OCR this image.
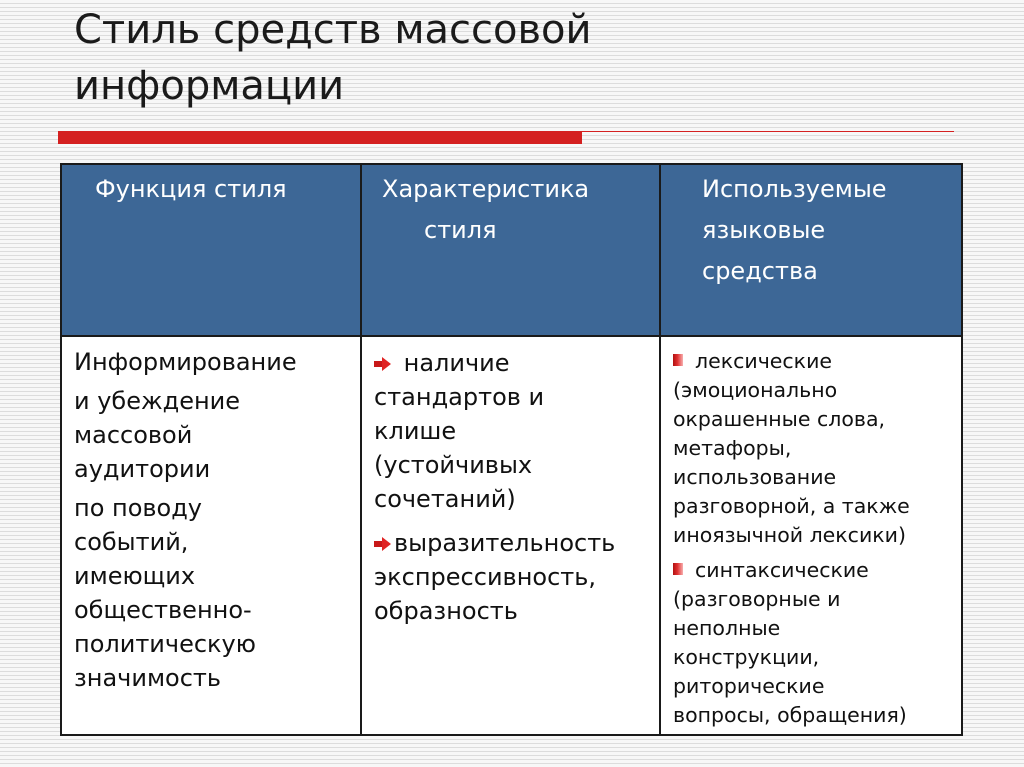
Стиль средств массовой
информации
Функция стиля	Характеристика
стиля
Используемые
языковые
средства
Информирование
и убеждение
массовой
аудитории
по поводу
событий,
имеющих
общественно-
политическую
значимость
наличие
стандартов и
клише
(устойчивых
сочетаний)
выразительность
экспрессивность,
образность
лексические
(эмоционально
окрашенные слова,
метафоры,
использование
разговорной, а также
иноязычной лексики)
синтаксические
(разговорные и
неполные
конструкции,
риторические
вопросы, обращения)
